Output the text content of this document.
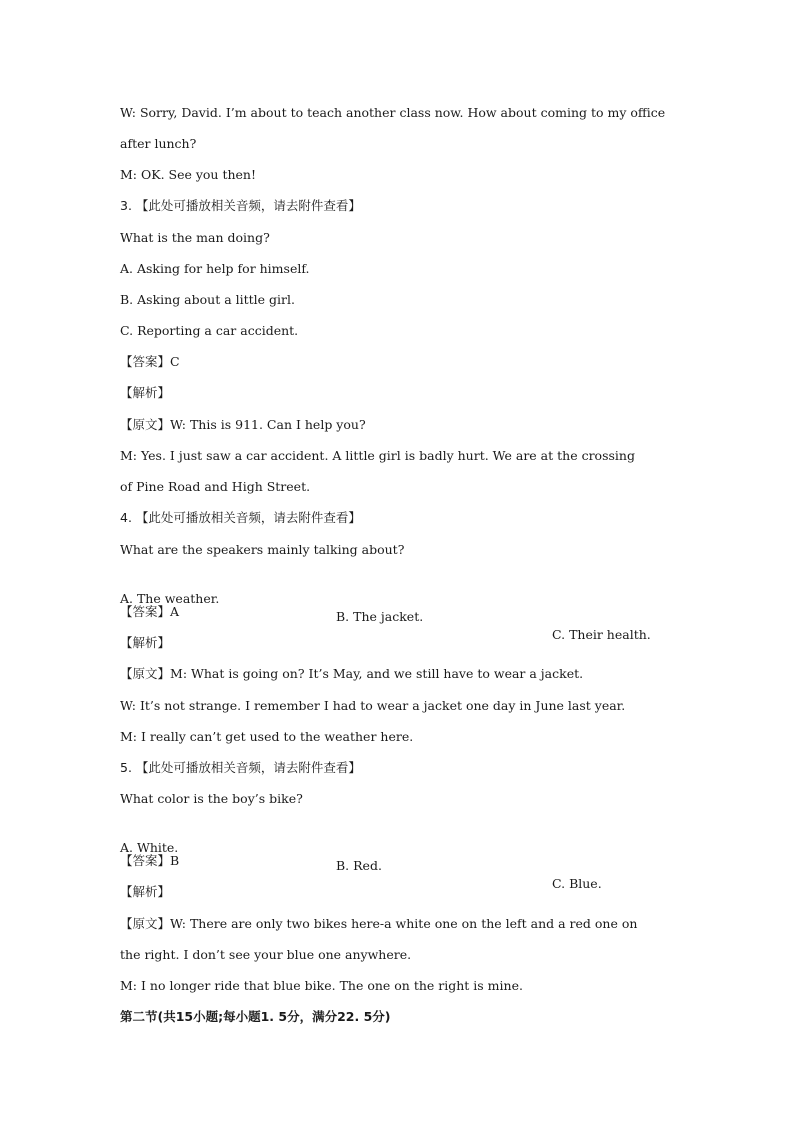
W: Sorry, David. I’m about to teach another class now. How about coming to my office
after lunch?
M: OK. See you then!
3. 【此处可播放相关音频，请去附件查看】
What is the man doing?
A. Asking for help for himself.
B. Asking about a little girl.
C. Reporting a car accident.
【答案】C
【解析】
【原文】W: This is 911. Can I help you?
M: Yes. I just saw a car accident. A little girl is badly hurt. We are at the crossing
of Pine Road and High Street.
4. 【此处可播放相关音频，请去附件查看】
What are the speakers mainly talking about?

A. The weather.

B. The jacket.

C. Their health.

【答案】A
【解析】
【原文】M: What is going on? It’s May, and we still have to wear a jacket.
W: It’s not strange. I remember I had to wear a jacket one day in June last year.
M: I really can’t get used to the weather here.
5. 【此处可播放相关音频，请去附件查看】
What color is the boy’s bike?

A. White.

B. Red.

C. Blue.

【答案】B
【解析】
【原文】W: There are only two bikes here-a white one on the left and a red one on
the right. I don’t see your blue one anywhere.
M: I no longer ride that blue bike. The one on the right is mine.
第二节(共15小题;每小题1. 5分，满分22. 5分)
